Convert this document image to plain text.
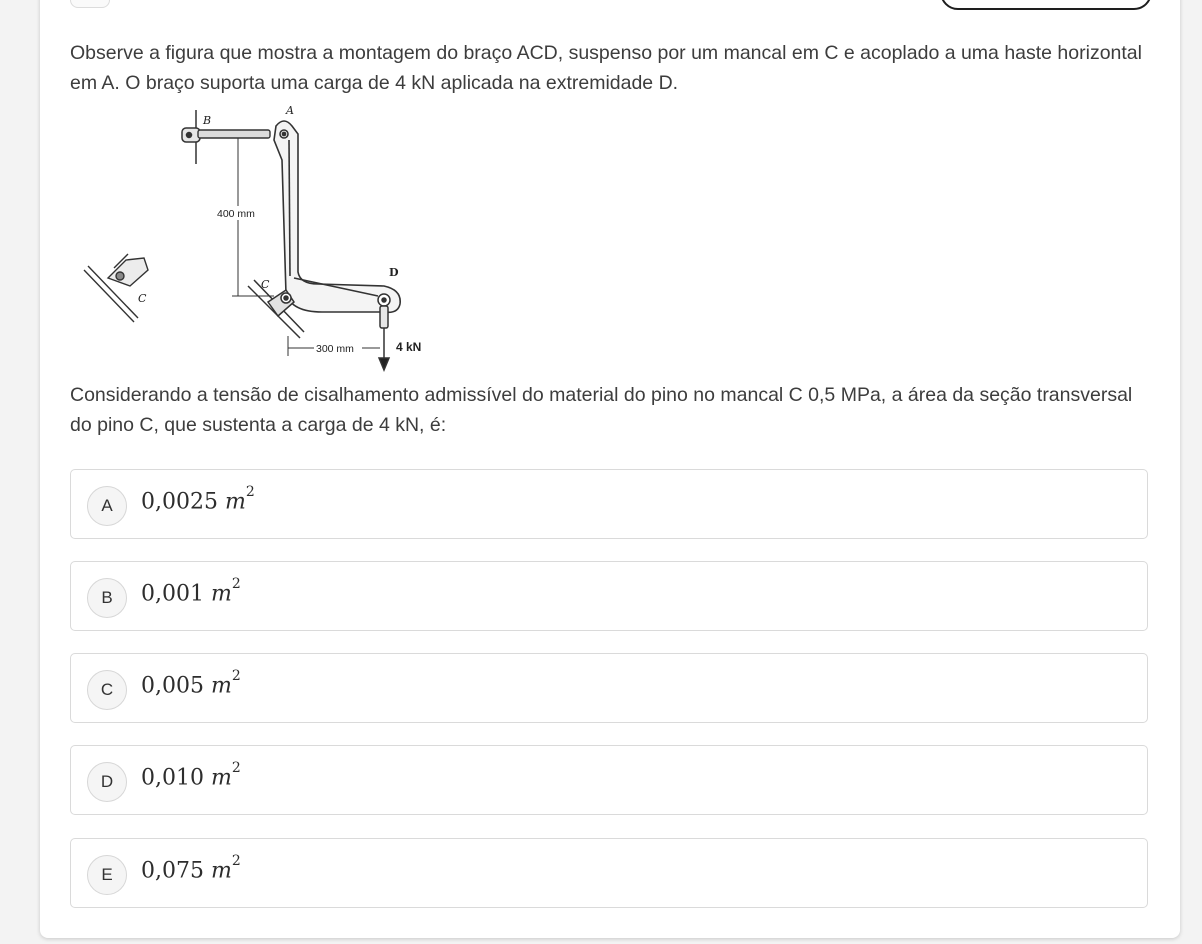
Observe a figura que mostra a montagem do braço ACD, suspenso por um mancal em C e acoplado a uma haste horizontal em A. O braço suporta uma carga de 4 kN aplicada na extremidade D.

C
B
A
C
D
4 kN
400 mm
300 mm

Considerando a tensão de cisalhamento admissível do material do pino no mancal C 0,5 MPa, a área da seção transversal do pino C, que sustenta a carga de 4 kN, é:

A	0,0025 $m^2$
B	0,001 $m^2$
C	0,005 $m^2$
D	0,010 $m^2$
E	0,075 $m^2$
